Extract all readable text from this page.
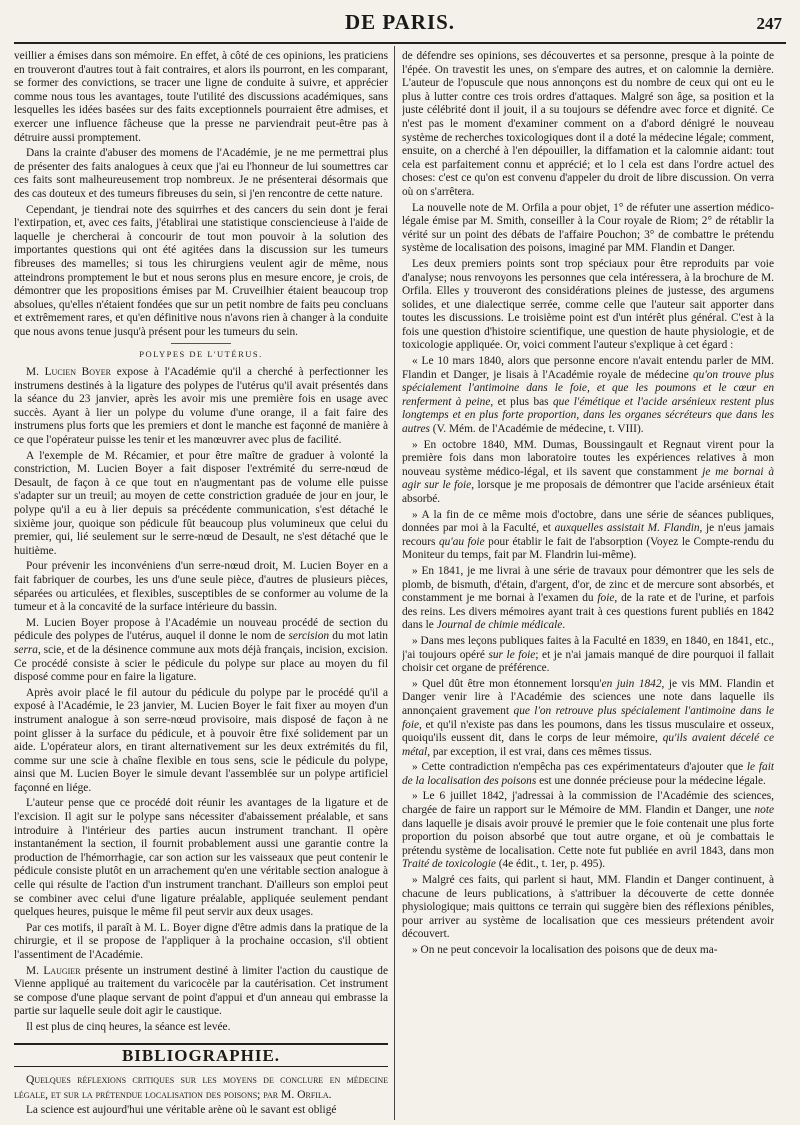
DE PARIS.	247

veillier a émises dans son mémoire. En effet, à côté de ces opinions, les praticiens en trouveront d'autres tout à fait contraires, et alors ils pourront, en les comparant, se former des convictions, se tracer une ligne de conduite à suivre, et apprécier comme nous tous les avantages, toute l'utilité des discussions académiques, sans lesquelles les idées basées sur des faits exceptionnels pourraient être admises, et exercer une influence fâcheuse que la presse ne parviendrait peut-être pas à détruire aussi promptement.

Dans la crainte d'abuser des momens de l'Académie, je ne me permettrai plus de présenter des faits analogues à ceux que j'ai eu l'honneur de lui soumettres car ces faits sont malheureusement trop nombreux. Je ne présenterai désormais que des cas douteux et des tumeurs fibreuses du sein, si j'en rencontre de cette nature.

Cependant, je tiendrai note des squirrhes et des cancers du sein dont je ferai l'extirpation, et, avec ces faits, j'établirai une statistique consciencieuse à l'aide de laquelle je chercherai à concourir de tout mon pouvoir à la solution des importantes questions qui ont été agitées dans la discussion sur les tumeurs fibreuses des mamelles; si tous les chirurgiens veulent agir de même, nous atteindrons promptement le but et nous serons plus en mesure encore, je crois, de démontrer que les propositions émises par M. Cruveilhier étaient beaucoup trop absolues, qu'elles n'étaient fondées que sur un petit nombre de faits peu concluans et extrêmement rares, et qu'en définitive nous n'avons rien à changer à la conduite que nous avons tenue jusqu'à présent pour les tumeurs du sein.

POLYPES DE L'UTÉRUS.

M. Lucien Boyer expose à l'Académie qu'il a cherché à perfectionner les instrumens destinés à la ligature des polypes de l'utérus qu'il avait présentés dans la séance du 23 janvier, après les avoir mis une première fois en usage avec succès. Ayant à lier un polype du volume d'une orange, il a fait faire des instrumens plus forts que les premiers et dont le manche est façonné de manière à ce que l'opérateur puisse les tenir et les manœuvrer avec plus de facilité.

A l'exemple de M. Récamier, et pour être maître de graduer à volonté la constriction, M. Lucien Boyer a fait disposer l'extrémité du serre-nœud de Desault, de façon à ce que tout en n'augmentant pas de volume elle puisse s'adapter sur un treuil; au moyen de cette constriction graduée de jour en jour, le polype qu'il a eu à lier depuis sa précédente communication, s'est détaché le sixième jour, quoique son pédicule fût beaucoup plus volumineux que celui du premier, qui, lié seulement sur le serre-nœud de Desault, ne s'est détaché que le huitième.

Pour prévenir les inconvéniens d'un serre-nœud droit, M. Lucien Boyer en a fait fabriquer de courbes, les uns d'une seule pièce, d'autres de plusieurs pièces, séparées ou articulées, et flexibles, susceptibles de se conformer au volume de la tumeur et à la concavité de la surface intérieure du bassin.

M. Lucien Boyer propose à l'Académie un nouveau procédé de section du pédicule des polypes de l'utérus, auquel il donne le nom de sercision du mot latin serra, scie, et de la désinence commune aux mots déjà français, incision, excision. Ce procédé consiste à scier le pédicule du polype sur place au moyen du fil disposé comme pour en faire la ligature.

Après avoir placé le fil autour du pédicule du polype par le procédé qu'il a exposé à l'Académie, le 23 janvier, M. Lucien Boyer le fait fixer au moyen d'un instrument analogue à son serre-nœud provisoire, mais disposé de façon à ne point glisser à la surface du pédicule, et à pouvoir être fixé solidement par un aide. L'opérateur alors, en tirant alternativement sur les deux extrémités du fil, comme sur une scie à chaîne flexible en tous sens, scie le pédicule du polype, ainsi que M. Lucien Boyer le simule devant l'assemblée sur un polype artificiel façonné en liége.

L'auteur pense que ce procédé doit réunir les avantages de la ligature et de l'excision. Il agit sur le polype sans nécessiter d'abaissement préalable, et sans introduire à l'intérieur des parties aucun instrument tranchant. Il opère instantanément la section, il fournit probablement aussi une garantie contre la production de l'hémorrhagie, car son action sur les vaisseaux que peut contenir le pédicule consiste plutôt en un arrachement qu'en une véritable section analogue à celle qui résulte de l'action d'un instrument tranchant. D'ailleurs son emploi peut se combiner avec celui d'une ligature préalable, appliquée seulement pendant quelques heures, puisque le même fil peut servir aux deux usages.

Par ces motifs, il paraît à M. L. Boyer digne d'être admis dans la pratique de la chirurgie, et il se propose de l'appliquer à la prochaine occasion, s'il obtient l'assentiment de l'Académie.

M. Laugier présente un instrument destiné à limiter l'action du caustique de Vienne appliqué au traitement du varicocèle par la cautérisation. Cet instrument se compose d'une plaque servant de point d'appui et d'un anneau qui embrasse la partie sur laquelle seule doit agir le caustique.

Il est plus de cinq heures, la séance est levée.

BIBLIOGRAPHIE.

Quelques réflexions critiques sur les moyens de conclure en médecine légale, et sur la prétendue localisation des poisons; par M. Orfila.

La science est aujourd'hui une véritable arène où le savant est obligé

de défendre ses opinions, ses découvertes et sa personne, presque à la pointe de l'épée. On travestit les unes, on s'empare des autres, et on calomnie la dernière. L'auteur de l'opuscule que nous annonçons est du nombre de ceux qui ont eu le plus à lutter contre ces trois ordres d'attaques. Malgré son âge, sa position et la juste célébrité dont il jouit, il a su toujours se défendre avec force et dignité. Ce n'est pas le moment d'examiner comment on a d'abord dénigré le nouveau système de recherches toxicologiques dont il a doté la médecine légale; comment, ensuite, on a cherché à l'en dépouiller, la diffamation et la calomnie aidant: tout cela est parfaitement connu et apprécié; et lo l cela est dans l'ordre actuel des choses: c'est ce qu'on est convenu d'appeler du droit de libre discussion. On verra où on s'arrêtera.

La nouvelle note de M. Orfila a pour objet, 1° de réfuter une assertion médico-légale émise par M. Smith, conseiller à la Cour royale de Riom; 2° de rétablir la vérité sur un point des débats de l'affaire Pouchon; 3° de combattre le prétendu système de localisation des poisons, imaginé par MM. Flandin et Danger.

Les deux premiers points sont trop spéciaux pour être reproduits par voie d'analyse; nous renvoyons les personnes que cela intéressera, à la brochure de M. Orfila. Elles y trouveront des considérations pleines de justesse, des argumens solides, et une dialectique serrée, comme celle que l'auteur sait apporter dans toutes les discussions. Le troisième point est d'un intérêt plus général. C'est à la fois une question d'histoire scientifique, une question de haute physiologie, et de toxicologie appliquée. Or, voici comment l'auteur s'explique à cet égard :

« Le 10 mars 1840, alors que personne encore n'avait entendu parler de MM. Flandin et Danger, je lisais à l'Académie royale de médecine qu'on trouve plus spécialement l'antimoine dans le foie, et que les poumons et le cœur en renferment à peine, et plus bas que l'émétique et l'acide arsénieux restent plus longtemps et en plus forte proportion, dans les organes sécréteurs que dans les autres (V. Mém. de l'Académie de médecine, t. VIII).

» En octobre 1840, MM. Dumas, Boussingault et Regnaut virent pour la première fois dans mon laboratoire toutes les expériences relatives à mon nouveau système médico-légal, et ils savent que constamment je me bornai à agir sur le foie, lorsque je me proposais de démontrer que l'acide arsénieux était absorbé.

» A la fin de ce même mois d'octobre, dans une série de séances publiques, données par moi à la Faculté, et auxquelles assistait M. Flandin, je n'eus jamais recours qu'au foie pour établir le fait de l'absorption (Voyez le Compte-rendu du Moniteur du temps, fait par M. Flandrin lui-même).

» En 1841, je me livrai à une série de travaux pour démontrer que les sels de plomb, de bismuth, d'étain, d'argent, d'or, de zinc et de mercure sont absorbés, et constamment je me bornai à l'examen du foie, de la rate et de l'urine, et parfois des reins. Les divers mémoires ayant trait à ces questions furent publiés en 1842 dans le Journal de chimie médicale.

» Dans mes leçons publiques faites à la Faculté en 1839, en 1840, en 1841, etc., j'ai toujours opéré sur le foie; et je n'ai jamais manqué de dire pourquoi il fallait choisir cet organe de préférence.

» Quel dût être mon étonnement lorsqu'en juin 1842, je vis MM. Flandin et Danger venir lire à l'Académie des sciences une note dans laquelle ils annonçaient gravement que l'on retrouve plus spécialement l'antimoine dans le foie, et qu'il n'existe pas dans les poumons, dans les tissus musculaire et osseux, quoiqu'ils eussent dit, dans le corps de leur mémoire, qu'ils avaient décelé ce métal, par exception, il est vrai, dans ces mêmes tissus.

» Cette contradiction n'empêcha pas ces expérimentateurs d'ajouter que le fait de la localisation des poisons est une donnée précieuse pour la médecine légale.

» Le 6 juillet 1842, j'adressai à la commission de l'Académie des sciences, chargée de faire un rapport sur le Mémoire de MM. Flandin et Danger, une note dans laquelle je disais avoir prouvé le premier que le foie contenait une plus forte proportion du poison absorbé que tout autre organe, et où je combattais le prétendu système de localisation. Cette note fut publiée en avril 1843, dans mon Traité de toxicologie (4e édit., t. 1er, p. 495).

» Malgré ces faits, qui parlent si haut, MM. Flandin et Danger continuent, à chacune de leurs publications, à s'attribuer la découverte de cette donnée physiologique; mais quittons ce terrain qui suggère bien des réflexions pénibles, pour arriver au système de localisation que ces messieurs prétendent avoir découvert.

» On ne peut concevoir la localisation des poisons que de deux ma-
